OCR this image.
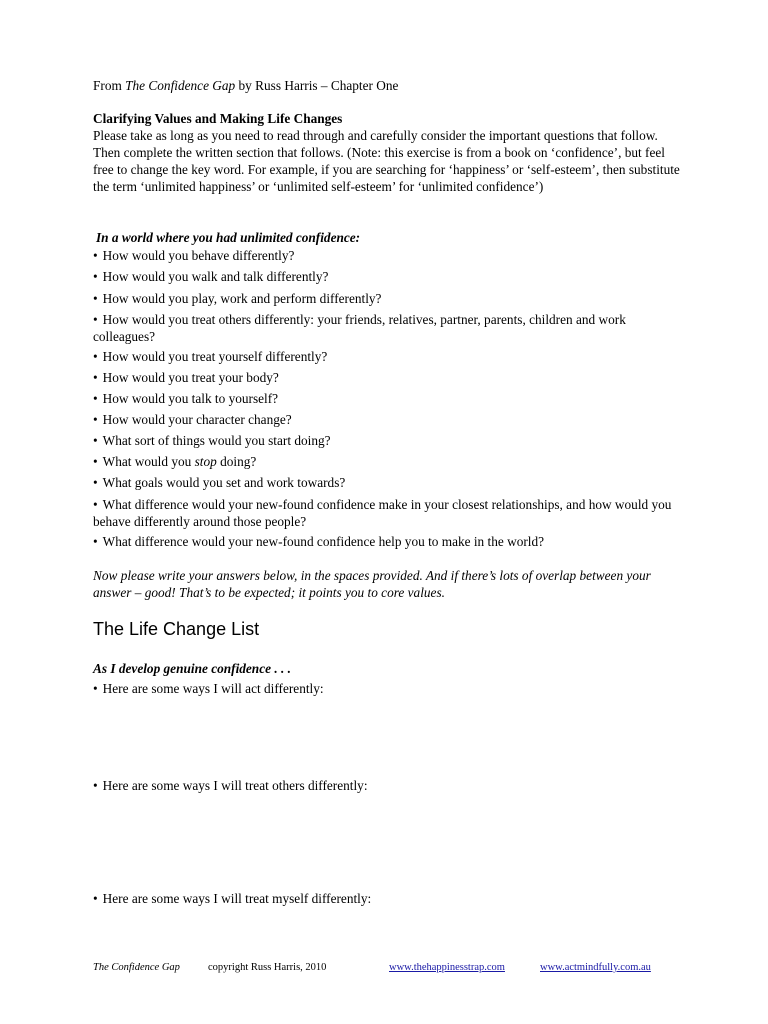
From The Confidence Gap by Russ Harris – Chapter One
Clarifying Values and Making Life Changes
Please take as long as you need to read through and carefully consider the important questions that follow. Then complete the written section that follows. (Note: this exercise is from a book on ‘confidence’, but feel free to change the key word. For example, if you are searching for ‘happiness’ or ‘self-esteem’, then substitute the term ‘unlimited happiness’ or ‘unlimited self-esteem’ for ‘unlimited confidence’)
In a world where you had unlimited confidence:
• How would you behave differently?
• How would you walk and talk differently?
• How would you play, work and perform differently?
• How would you treat others differently: your friends, relatives, partner, parents, children and work colleagues?
• How would you treat yourself differently?
• How would you treat your body?
• How would you talk to yourself?
• How would your character change?
• What sort of things would you start doing?
• What would you stop doing?
• What goals would you set and work towards?
• What difference would your new-found confidence make in your closest relationships, and how would you behave differently around those people?
• What difference would your new-found confidence help you to make in the world?
Now please write your answers below, in the spaces provided. And if there’s lots of overlap between your answer – good! That’s to be expected; it points you to core values.
The Life Change List
As I develop genuine confidence . . .
• Here are some ways I will act differently:
• Here are some ways I will treat others differently:
• Here are some ways I will treat myself differently:
The Confidence Gap	copyright Russ Harris, 2010	www.thehappinesstrap.com	www.actmindfully.com.au
